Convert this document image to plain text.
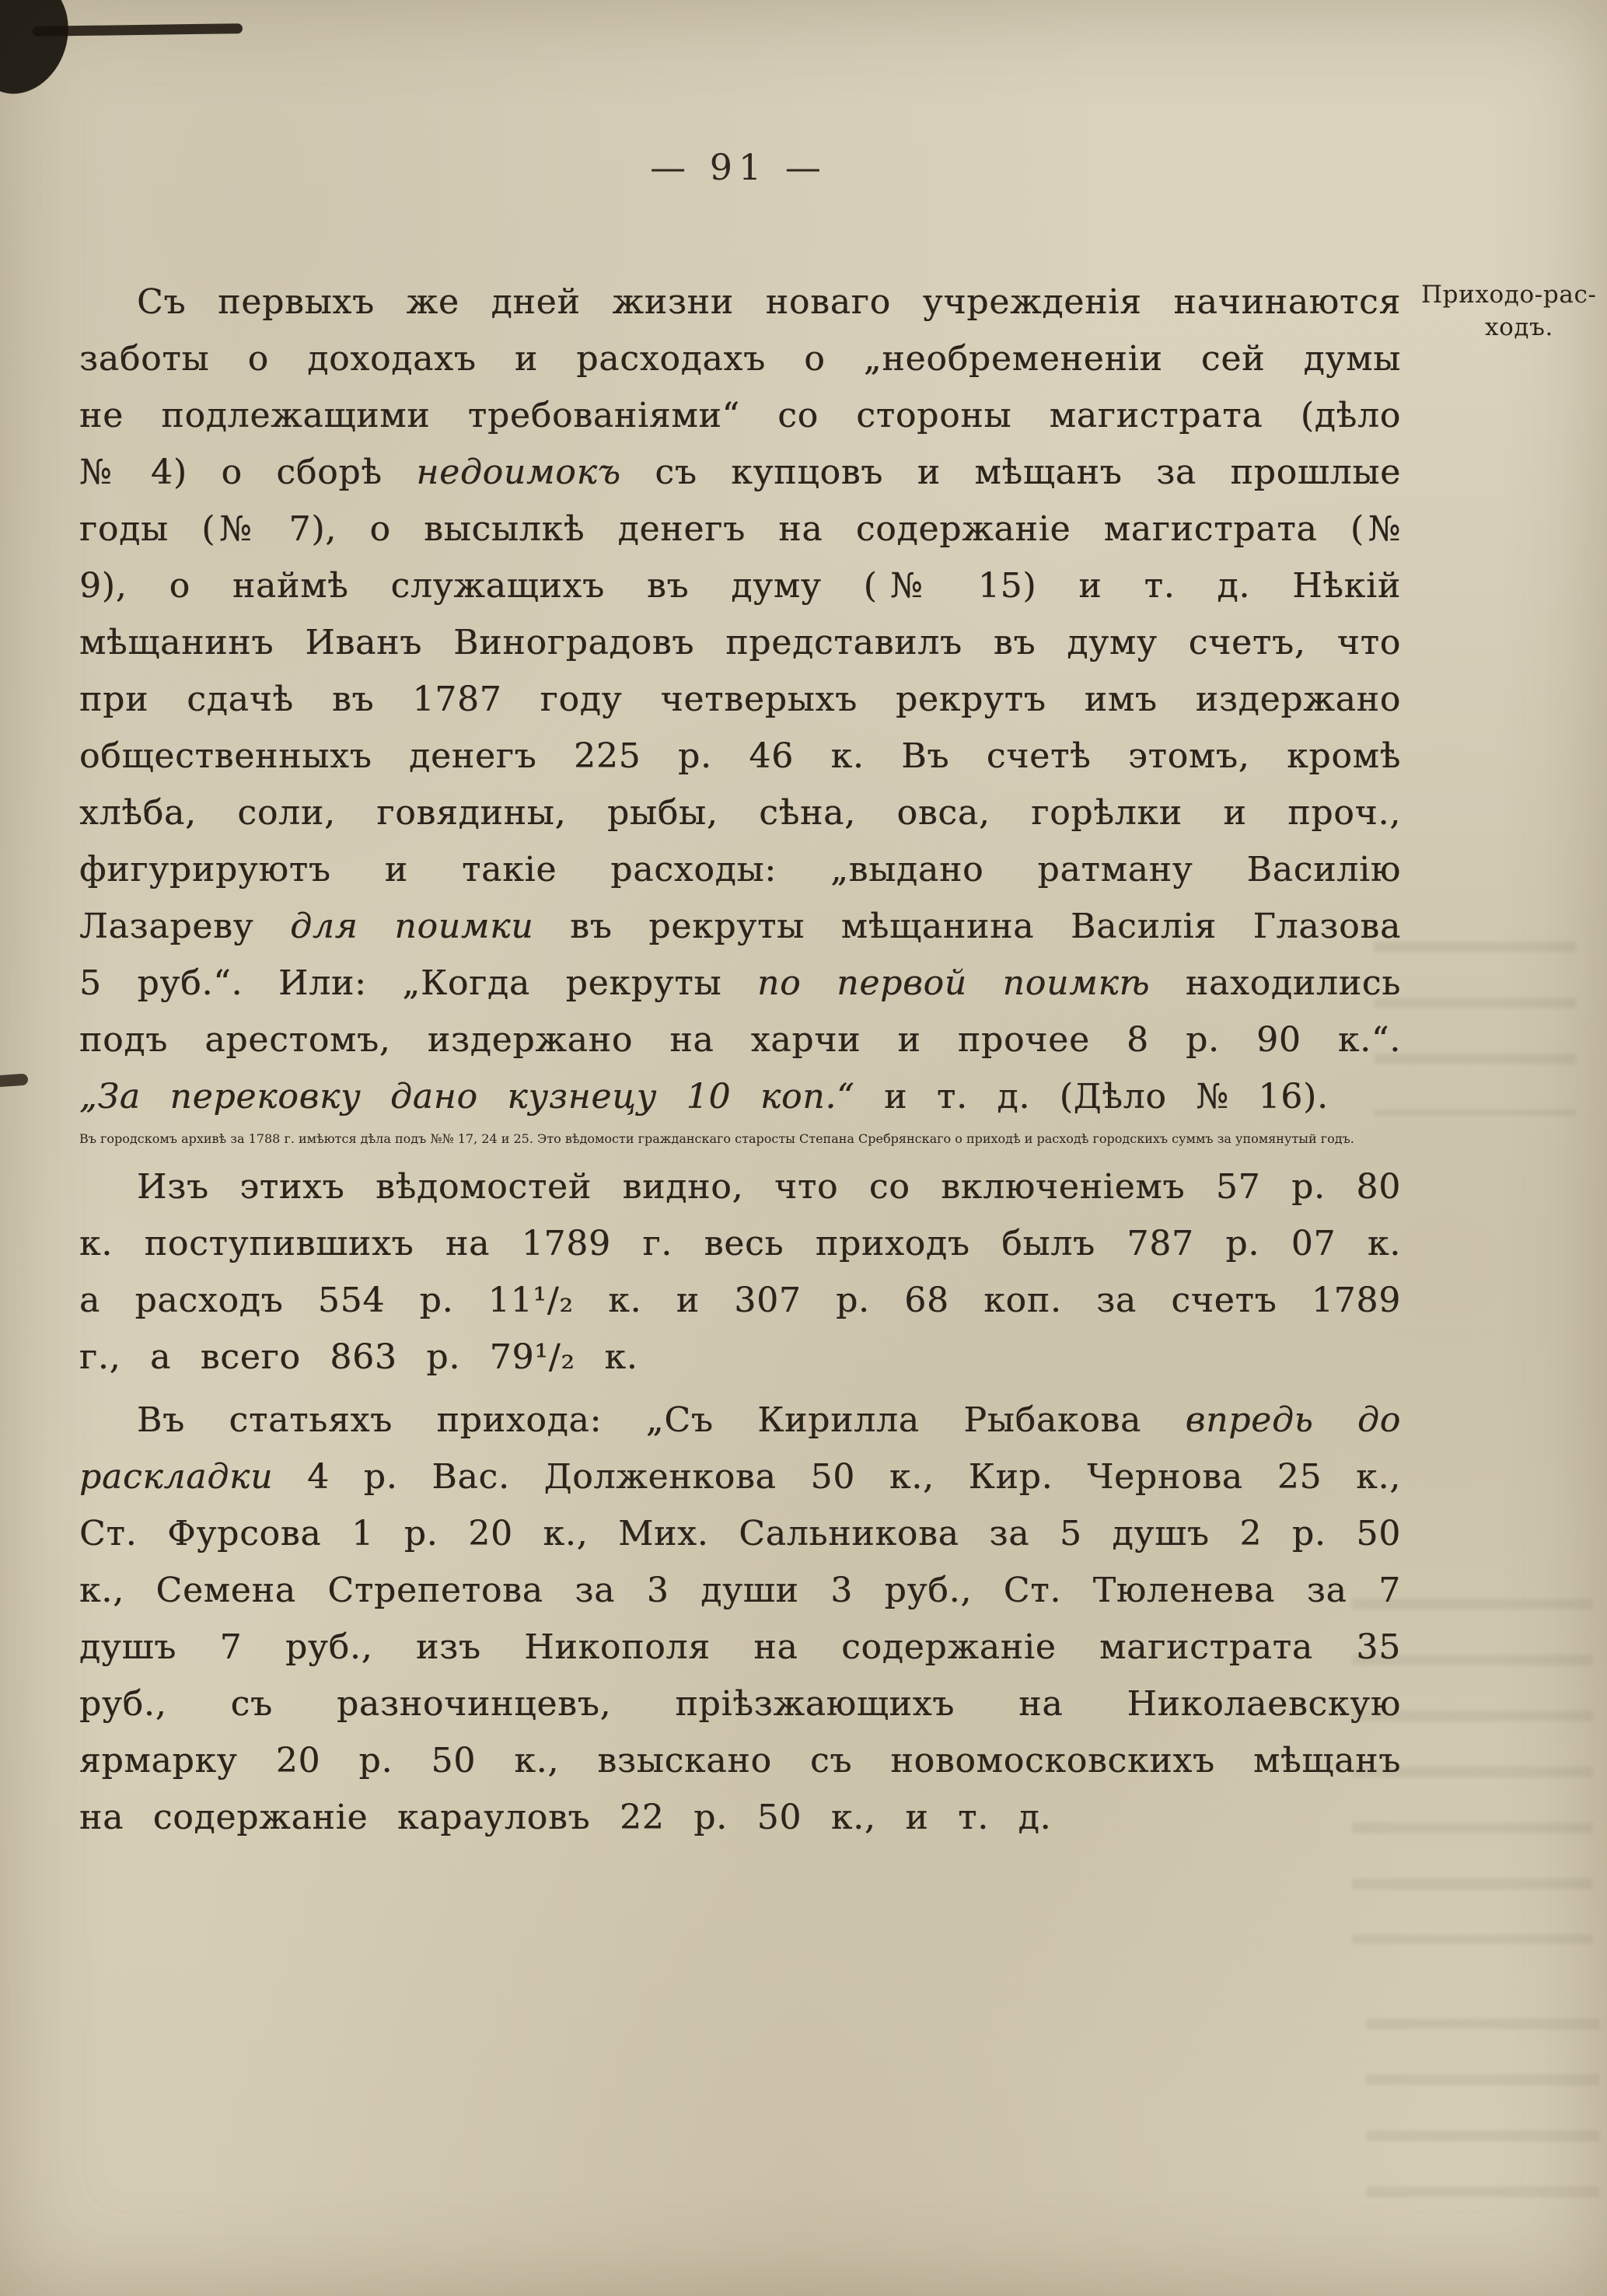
— 91 —

Съ первыхъ же дней жизни новаго учрежденія начинаются заботы о доходахъ и расходахъ о „необремененіи сей думы не подлежащими требованіями“ со стороны магистрата (дѣло № 4) о сборѣ недоимокъ съ купцовъ и мѣщанъ за прошлые годы (№ 7), о высылкѣ денегъ на содержаніе магистрата (№ 9), о наймѣ служащихъ въ думу (№ 15) и т. д. Нѣкій мѣщанинъ Иванъ Виноградовъ представилъ въ думу счетъ, что при сдачѣ въ 1787 году четверыхъ рекрутъ имъ издержано общественныхъ денегъ 225 р. 46 к. Въ счетѣ этомъ, кромѣ хлѣба, соли, говядины, рыбы, сѣна, овса, горѣлки и проч., фигурируютъ и такіе расходы: „выдано ратману Василію Лазареву для поимки въ рекруты мѣщанина Василія Глазова 5 руб.“. Или: „Когда рекруты по первой поимкѣ находились подъ арестомъ, издержано на харчи и прочее 8 р. 90 к.“. „За перековку дано кузнецу 10 коп.“ и т. д. (Дѣло № 16).

Приходо-рас-
ходъ.
Въ городскомъ архивѣ за 1788 г. имѣются дѣла подъ №№ 17, 24 и 25. Это вѣдомости гражданскаго старосты Степана Сребрянскаго о приходѣ и расходѣ городскихъ суммъ за упомянутый годъ.

Изъ этихъ вѣдомостей видно, что со включеніемъ 57 р. 80 к. поступившихъ на 1789 г. весь приходъ былъ 787 р. 07 к. а расходъ 554 р. 11¹/₂ к. и 307 р. 68 коп. за счетъ 1789 г., а всего 863 р. 79¹/₂ к.

Въ статьяхъ прихода: „Съ Кирилла Рыбакова впредь до раскладки 4 р. Вас. Долженкова 50 к., Кир. Чернова 25 к., Ст. Фурсова 1 р. 20 к., Мих. Сальникова за 5 душъ 2 р. 50 к., Семена Стрепетова за 3 души 3 руб., Ст. Тюленева за 7 душъ 7 руб., изъ Никополя на содержаніе магистрата 35 руб., съ разночинцевъ, пріѣзжающихъ на Николаевскую ярмарку 20 р. 50 к., взыскано съ новомосковскихъ мѣщанъ на содержаніе карауловъ 22 р. 50 к., и т. д.
